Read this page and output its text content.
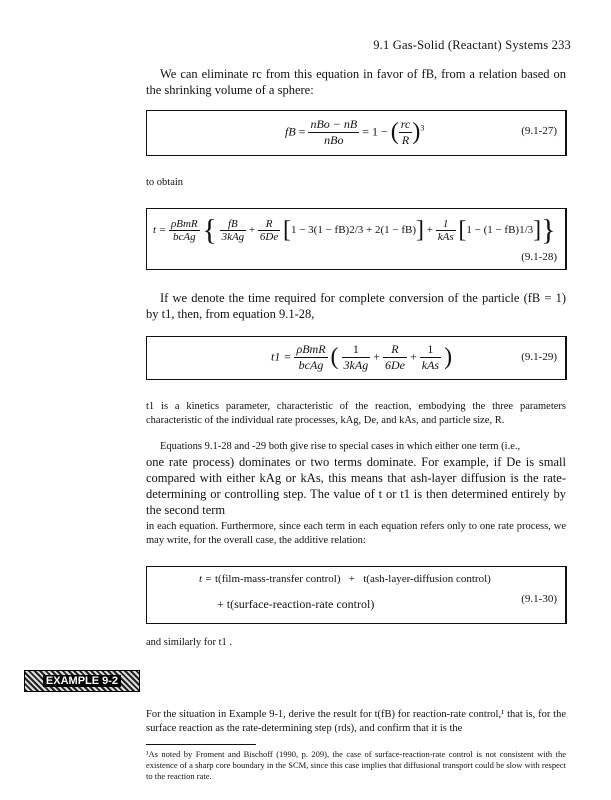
9.1 Gas-Solid (Reactant) Systems 233
We can eliminate rc from this equation in favor of fB, from a relation based on the shrinking volume of a sphere:
fB = $\frac{\text{nBo − nB}}{\text{nBo}} = 1$ − ( $\frac{rc}{R} )^3$	(9.1-27)
to obtain
$t = \frac{\text{ρBmR}}{\text{bcAg}}$ { $\frac{fB}{\text{3kAg}} + \frac{R}{6De} [1 - 3(1 - fB)2/3 + 2(1 - fB)] + \frac{1}{\text{kAs}} [1 - (1 - fB)1/3]$}
(9.1-28)
If we denote the time required for complete conversion of the particle (fB = 1) by t1, then, from equation 9.1-28,
$t1 = \frac{\text{ρBmR}}{\text{bcAg}}$ ( $\frac{1}{\text{3kAg}} + \frac{R}{6De} + \frac{1}{\text{kAs}}$ )	(9.1-29)
t1 is a kinetics parameter, characteristic of the reaction, embodying the three parameters characteristic of the individual rate processes, kAg, De, and kAs, and particle size, R.
Equations 9.1-28 and -29 both give rise to special cases in which either one term (i.e.,
one rate process) dominates or two terms dominate. For example, if De is small compared with either kAg or kAs, this means that ash-layer diffusion is the rate-determining or controlling step. The value of t or t1 is then determined entirely by the second term
in each equation. Furthermore, since each term in each equation refers only to one rate process, we may write, for the overall case, the additive relation:
t = t(film-mass-transfer control) + t(ash-layer-diffusion control)
+ t(surface-reaction-rate control)	(9.1-30)
and similarly for t1 .
EXAMPLE 9-2
For the situation in Example 9-1, derive the result for t(fB) for reaction-rate control,¹ that is, for the surface reaction as the rate-determining step (rds), and confirm that it is the
¹As noted by Froment and Bischoff (1990, p. 209), the case of surface-reaction-rate control is not consistent with the existence of a sharp core boundary in the SCM, since this case implies that diffusional transport could be slow with respect to the reaction rate.
